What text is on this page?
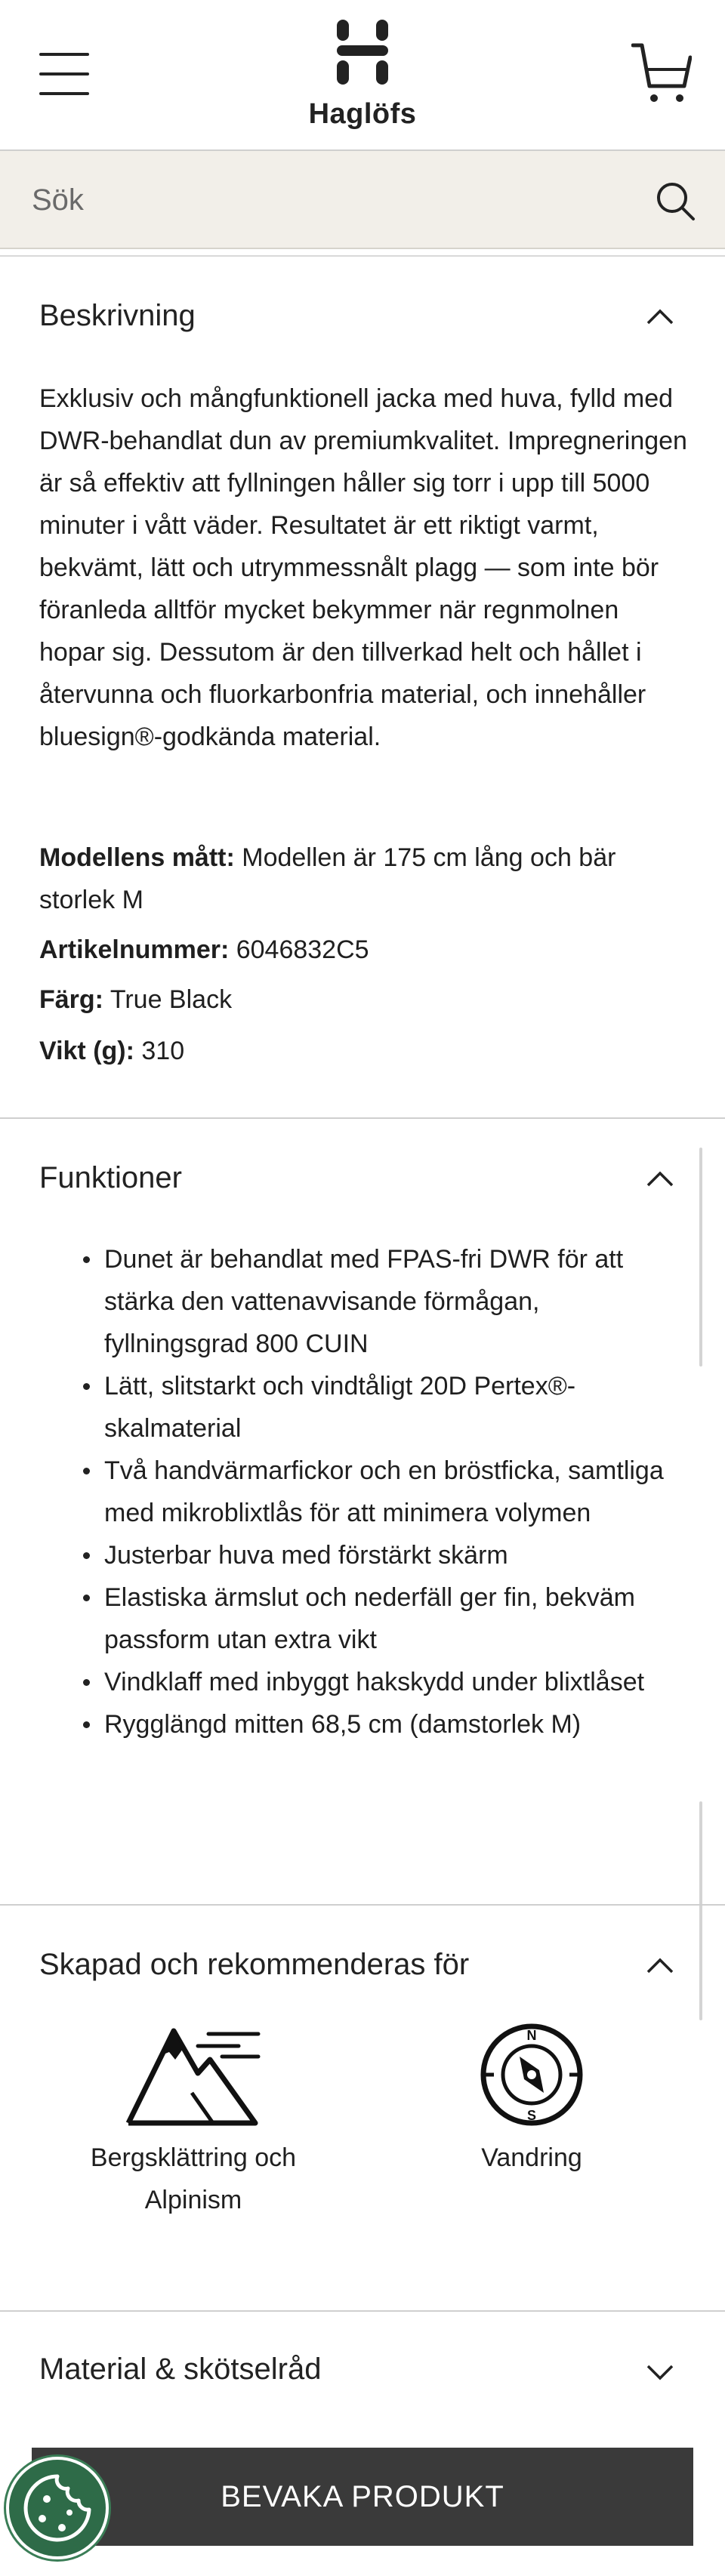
Haglöfs
Sök
Beskrivning
Exklusiv och mångfunktionell jacka med huva, fylld med DWR-behandlat dun av premiumkvalitet. Impregneringen är så effektiv att fyllningen håller sig torr i upp till 5000 minuter i vått väder. Resultatet är ett riktigt varmt, bekvämt, lätt och utrymmessnålt plagg — som inte bör föranleda alltför mycket bekymmer när regnmolnen hopar sig. Dessutom är den tillverkad helt och hållet i återvunna och fluorkarbonfria material, och innehåller bluesign®-godkända material.
Modellens mått: Modellen är 175 cm lång och bär storlek M
Artikelnummer: 6046832C5
Färg: True Black
Vikt (g): 310
Funktioner
Dunet är behandlat med FPAS-fri DWR för att stärka den vattenavvisande förmågan, fyllningsgrad 800 CUIN
Lätt, slitstarkt och vindtåligt 20D Pertex®-skalmaterial
Två handvärmarfickor och en bröstficka, samtliga med mikroblixtlås för att minimera volymen
Justerbar huva med förstärkt skärm
Elastiska ärmslut och nederfäll ger fin, bekväm passform utan extra vikt
Vindklaff med inbyggt hakskydd under blixtlåset
Rygglängd mitten 68,5 cm (damstorlek M)
Skapad och rekommenderas för
Bergsklättring och Alpinism
N
S
Vandring
Material & skötselråd
BEVAKA PRODUKT
